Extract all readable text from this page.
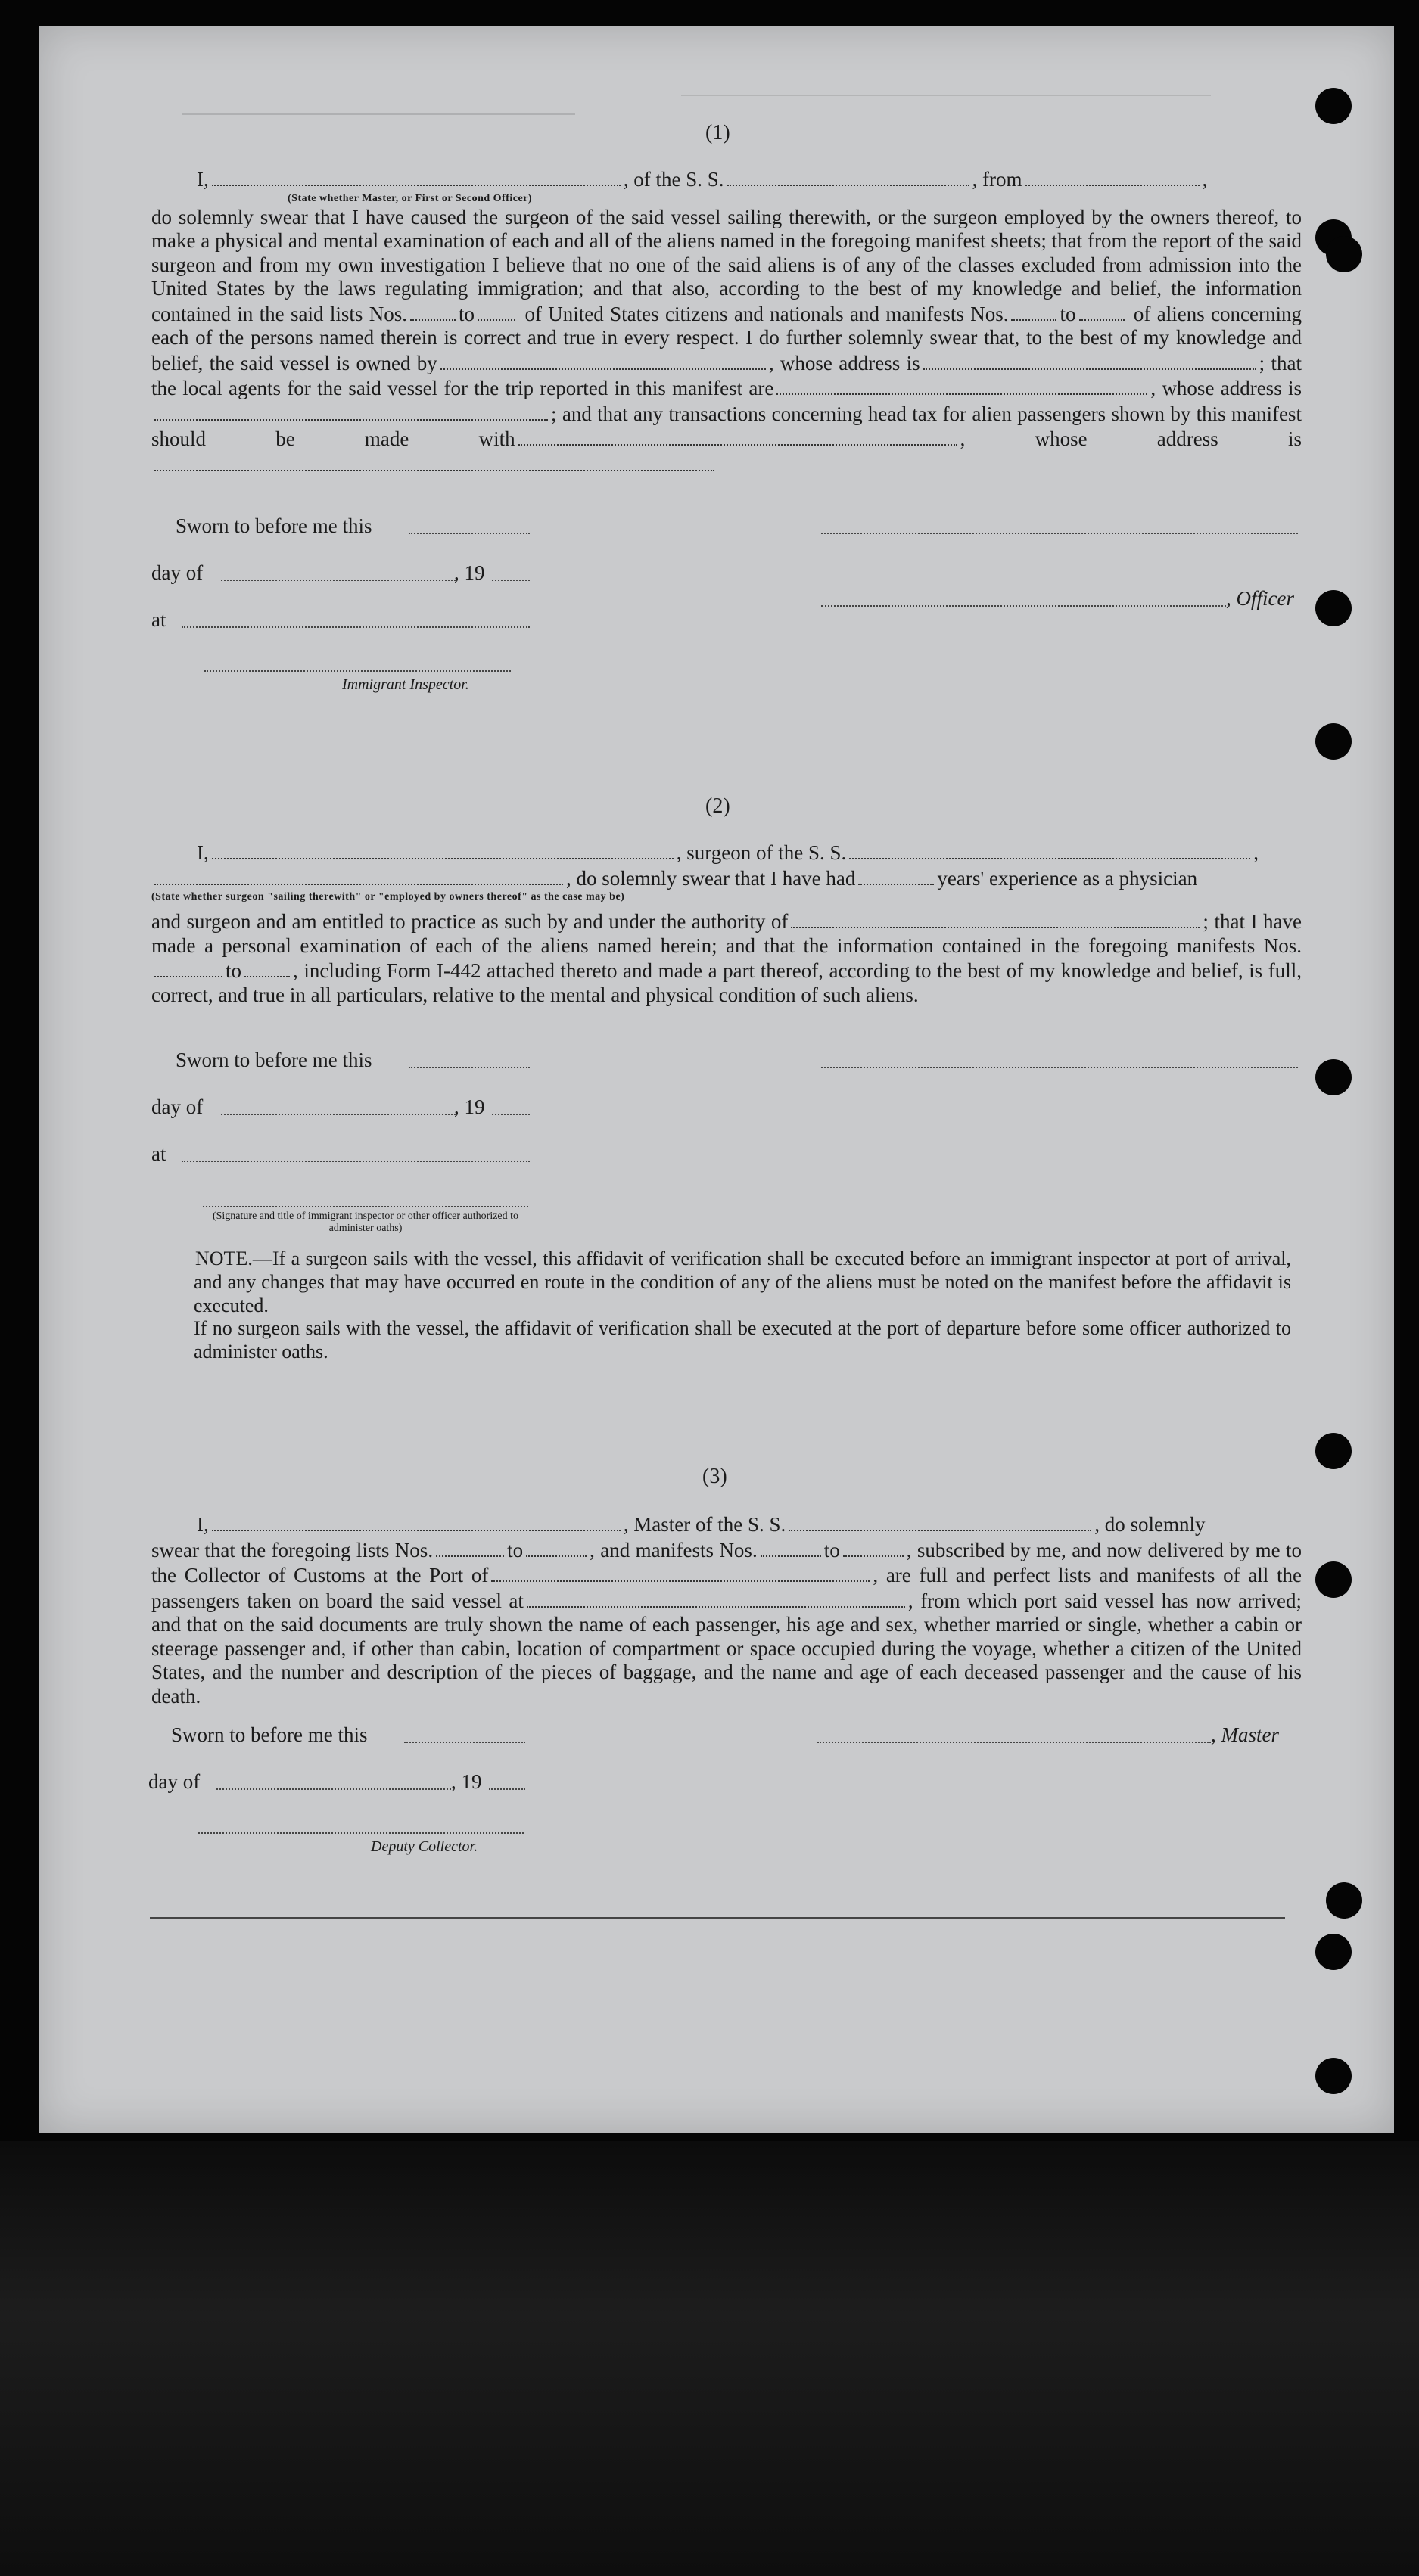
(1)
I,	, of the S. S.	, from	,
(State whether Master, or First or Second Officer)
do solemnly swear that I have caused the surgeon of the said vessel sailing therewith, or the surgeon employed by the owners thereof, to make a physical and mental examination of each and all of the aliens named in the foregoing manifest sheets; that from the report of the said surgeon and from my own investigation I believe that no one of the said aliens is of any of the classes excluded from admission into the United States by the laws regulating immigration; and that also, according to the best of my knowledge and belief, the information contained in the said lists Nos.	to of United States citizens and nationals and manifests Nos.	to	of aliens concerning each of the persons named therein is correct and true in every respect. I do further solemnly swear that, to the best of my knowledge and belief, the said vessel is owned by	, whose address is	; that the local agents for the said vessel for the trip reported in this manifest are	, whose address is; and that any transactions concerning head tax for alien passengers shown by this manifest should be made with	, whose address is
Sworn to before me this
day of	, 19
, Officer
at
Immigrant Inspector.
(2)
I,	, surgeon of the S. S.	,
, do solemnly swear that I have had	years' experience as a physician
(State whether surgeon "sailing therewith" or "employed by owners thereof" as the case may be)
and surgeon and am entitled to practice as such by and under the authority of	; that I have made a personal examination of each of the aliens named herein; and that the information contained in the foregoing manifests Nos.to	, including Form I-442 attached thereto and made a part thereof, according to the best of my knowledge and belief, is full, correct, and true in all particulars, relative to the mental and physical condition of such aliens.
Sworn to before me this
day of	, 19
at
(Signature and title of immigrant inspector or other officer authorized to administer oaths)
NOTE.—If a surgeon sails with the vessel, this affidavit of verification shall be executed before an immigrant inspector at port of arrival, and any changes that may have occurred en route in the condition of any of the aliens must be noted on the manifest before the affidavit is executed.
If no surgeon sails with the vessel, the affidavit of verification shall be executed at the port of departure before some officer authorized to administer oaths.
(3)
I,	, Master of the S. S.	, do solemnly
swear that the foregoing lists Nos.	to	, and manifests Nos.	to	, subscribed by me, and now delivered by me to the Collector of Customs at the Port of	, are full and perfect lists and manifests of all the passengers taken on board the said vessel at	, from which port said vessel has now arrived; and that on the said documents are truly shown the name of each passenger, his age and sex, whether married or single, whether a cabin or steerage passenger and, if other than cabin, location of compartment or space occupied during the voyage, whether a citizen of the United States, and the number and description of the pieces of baggage, and the name and age of each deceased passenger and the cause of his death.
Sworn to before me this	, Master
day of	, 19
Deputy Collector.
